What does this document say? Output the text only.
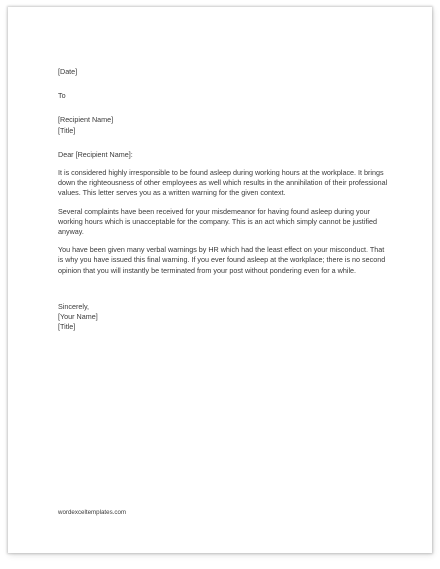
[Date]

To

[Recipient Name]

[Title]

Dear [Recipient Name]:

It is considered highly irresponsible to be found asleep during working hours at the workplace. It brings down the righteousness of other employees as well which results in the annihilation of their professional values. This letter serves you as a written warning for the given context.

Several complaints have been received for your misdemeanor for having found asleep during your working hours which is unacceptable for the company. This is an act which simply cannot be justified anyway.

You have been given many verbal warnings by HR which had the least effect on your misconduct. That is why you have issued this final warning. If you ever found asleep at the workplace; there is no second opinion that you will instantly be terminated from your post without pondering even for a while.

Sincerely,

[Your Name]

[Title]

wordexceltemplates.com
